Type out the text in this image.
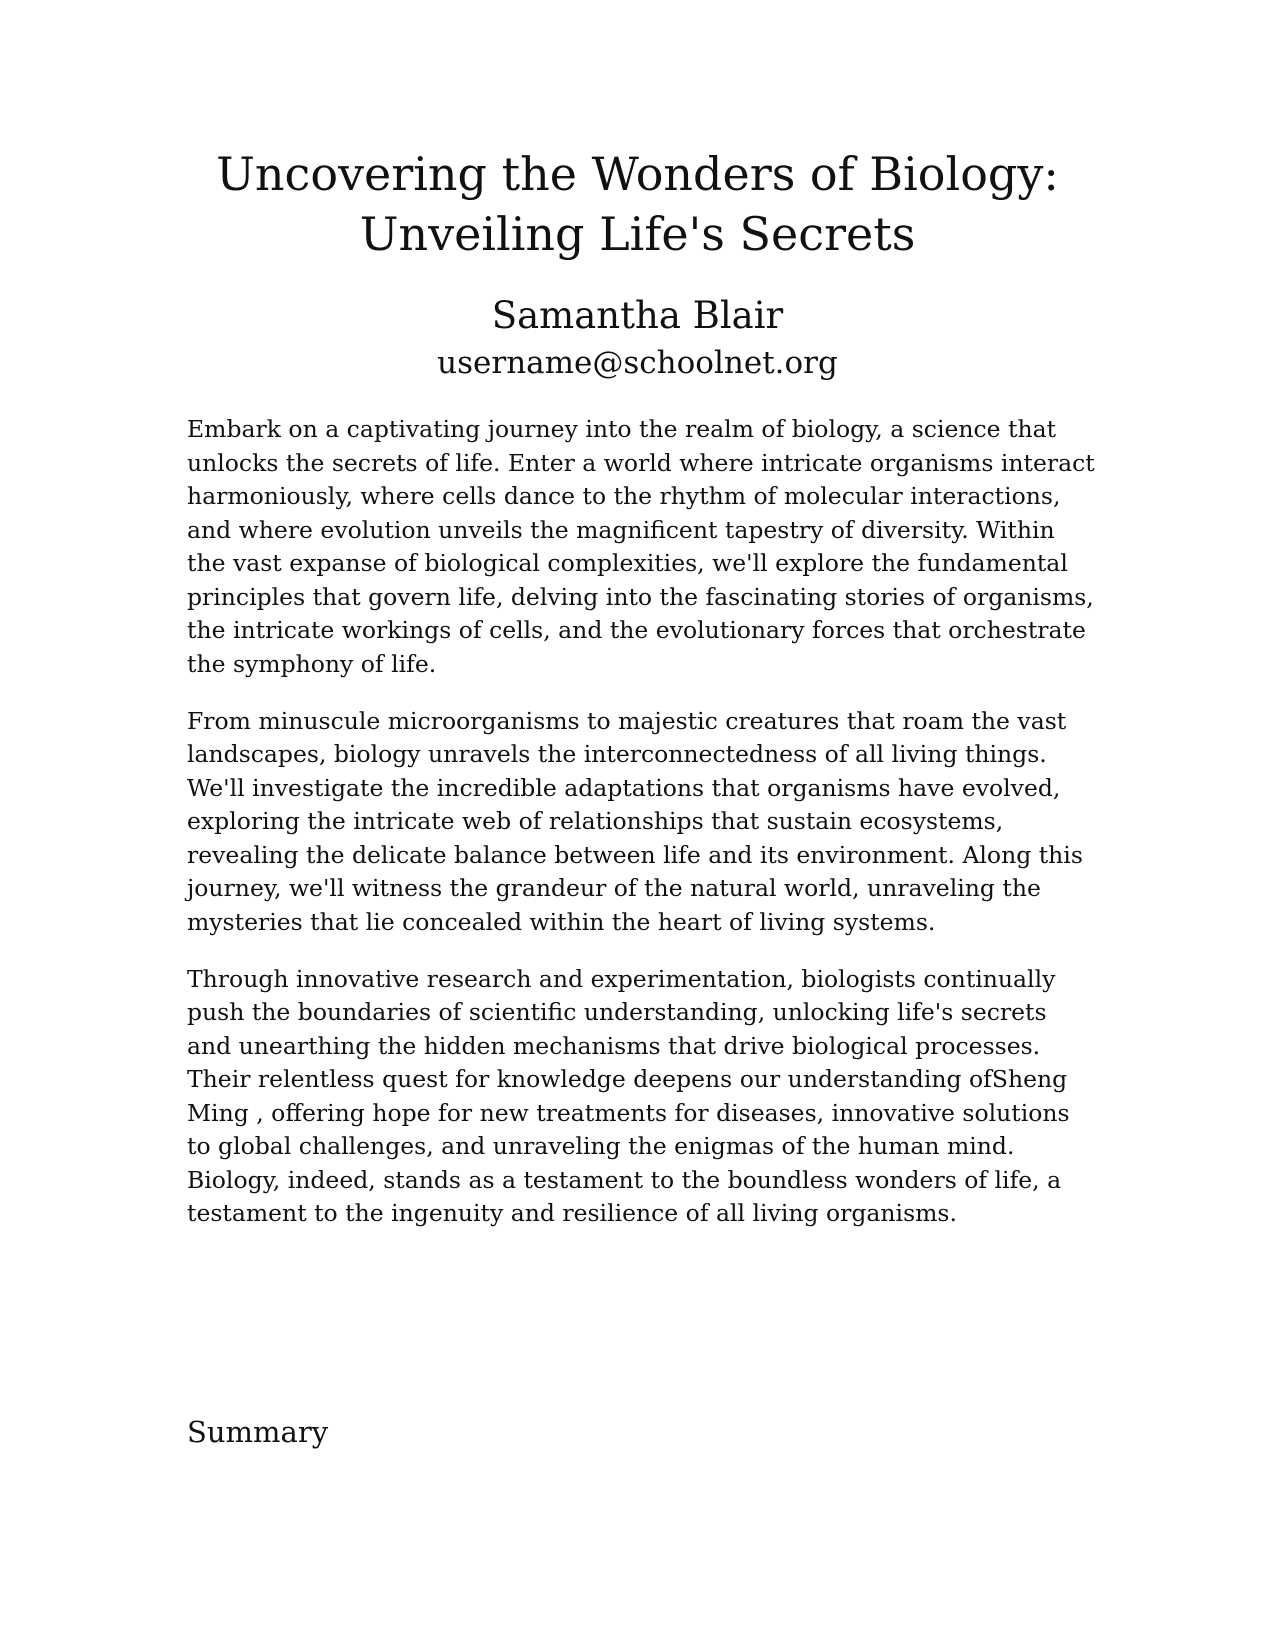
Uncovering the Wonders of Biology: Unveiling Life's Secrets
Samantha Blair
username@schoolnet.org

Embark on a captivating journey into the realm of biology, a science that unlocks the secrets of life. Enter a world where intricate organisms interact harmoniously, where cells dance to the rhythm of molecular interactions, and where evolution unveils the magnificent tapestry of diversity. Within the vast expanse of biological complexities, we'll explore the fundamental principles that govern life, delving into the fascinating stories of organisms, the intricate workings of cells, and the evolutionary forces that orchestrate the symphony of life.

From minuscule microorganisms to majestic creatures that roam the vast landscapes, biology unravels the interconnectedness of all living things. We'll investigate the incredible adaptations that organisms have evolved, exploring the intricate web of relationships that sustain ecosystems, revealing the delicate balance between life and its environment. Along this journey, we'll witness the grandeur of the natural world, unraveling the mysteries that lie concealed within the heart of living systems.

Through innovative research and experimentation, biologists continually push the boundaries of scientific understanding, unlocking life's secrets and unearthing the hidden mechanisms that drive biological processes. Their relentless quest for knowledge deepens our understanding ofSheng Ming , offering hope for new treatments for diseases, innovative solutions to global challenges, and unraveling the enigmas of the human mind. Biology, indeed, stands as a testament to the boundless wonders of life, a testament to the ingenuity and resilience of all living organisms.

Summary
